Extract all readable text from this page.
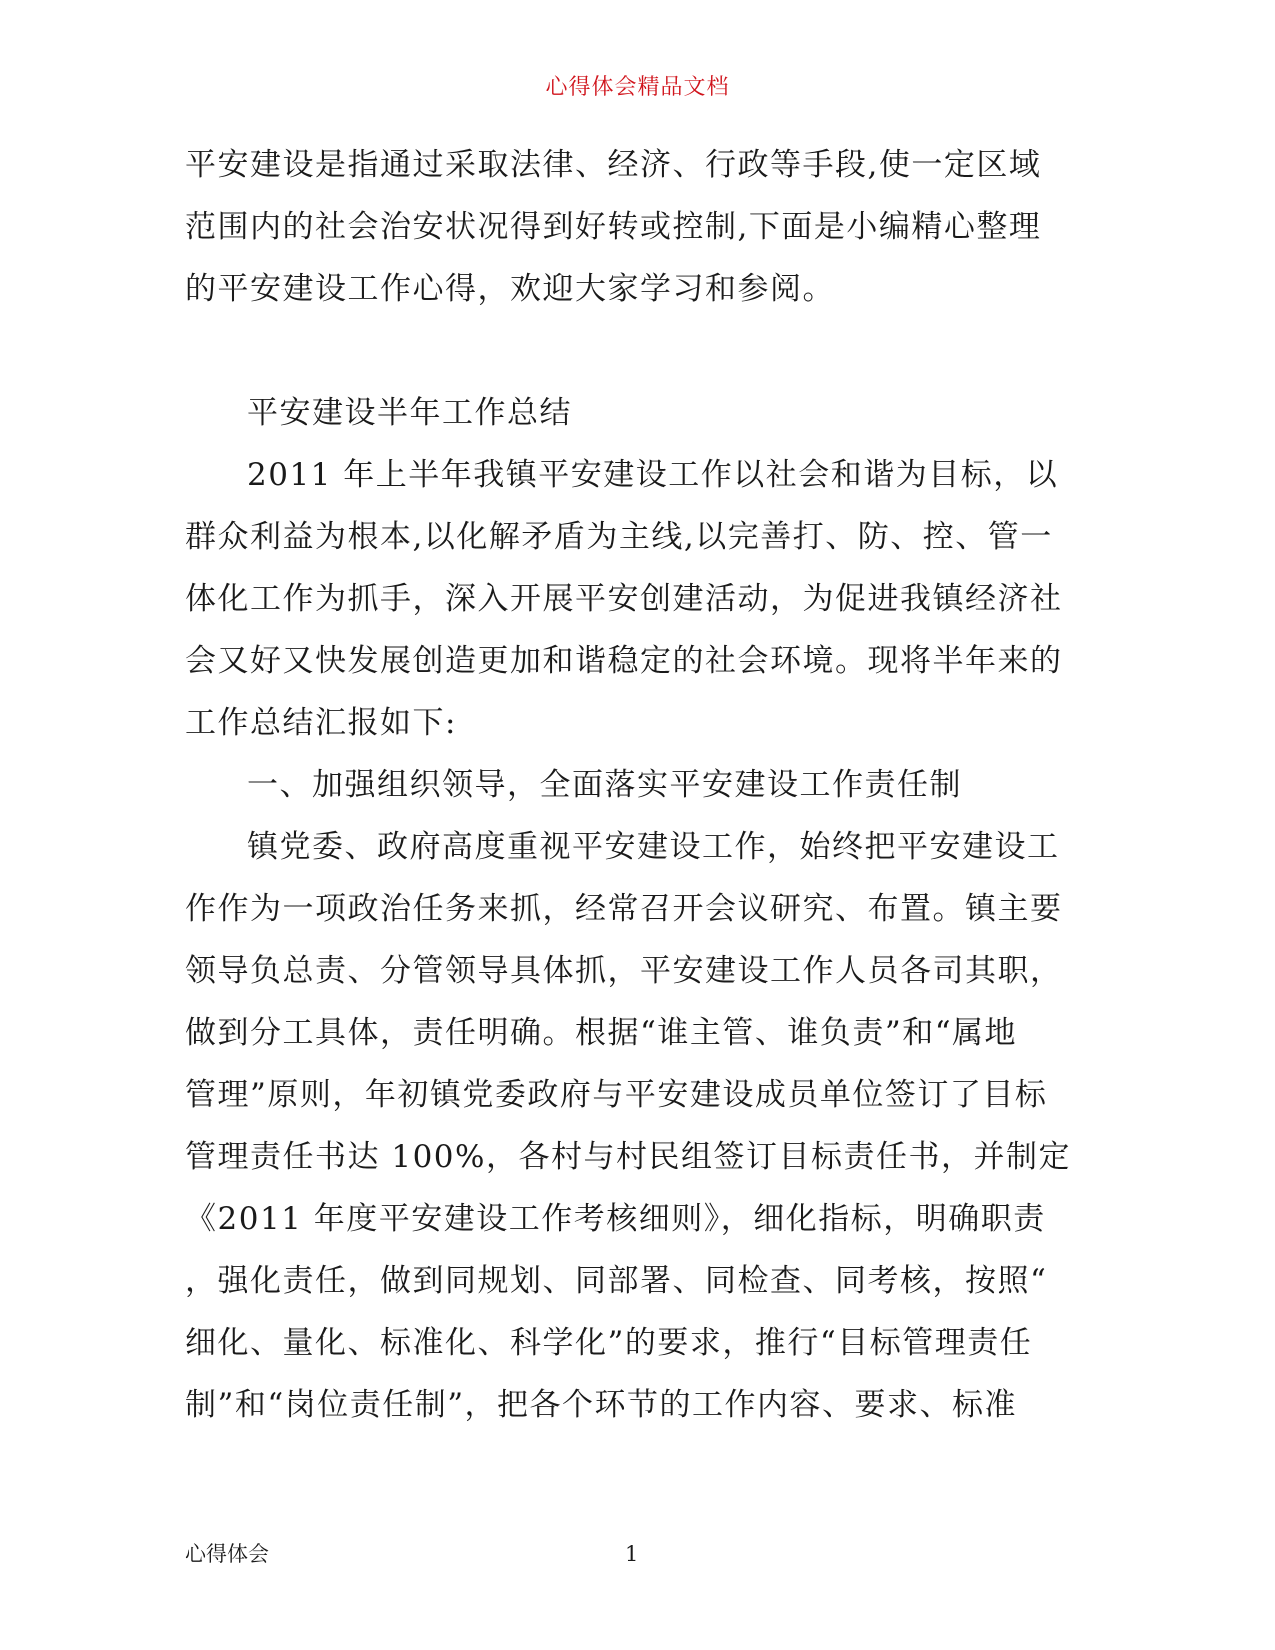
心得体会精品文档
平安建设是指通过采取法律、经济、行政等手段,使一定区域
范围内的社会治安状况得到好转或控制,下面是小编精心整理
的平安建设工作心得，欢迎大家学习和参阅。
平安建设半年工作总结
2011 年上半年我镇平安建设工作以社会和谐为目标，以
群众利益为根本,以化解矛盾为主线,以完善打、防、控、管一
体化工作为抓手，深入开展平安创建活动，为促进我镇经济社
会又好又快发展创造更加和谐稳定的社会环境。现将半年来的
工作总结汇报如下:
一、加强组织领导，全面落实平安建设工作责任制
镇党委、政府高度重视平安建设工作，始终把平安建设工
作作为一项政治任务来抓，经常召开会议研究、布置。镇主要
领导负总责、分管领导具体抓，平安建设工作人员各司其职，
做到分工具体，责任明确。根据“谁主管、谁负责”和“属地
管理”原则，年初镇党委政府与平安建设成员单位签订了目标
管理责任书达 100%，各村与村民组签订目标责任书，并制定
《2011 年度平安建设工作考核细则》，细化指标，明确职责
，强化责任，做到同规划、同部署、同检查、同考核，按照“
细化、量化、标准化、科学化”的要求，推行“目标管理责任
制”和“岗位责任制”，把各个环节的工作内容、要求、标准
心得体会	1
